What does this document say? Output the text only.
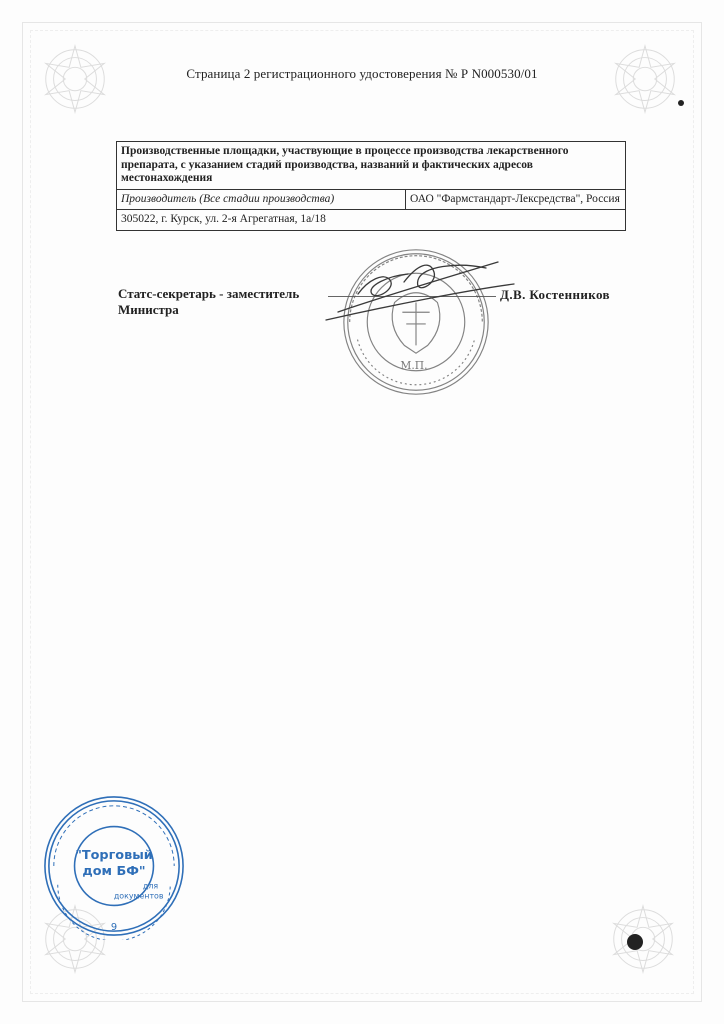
Страница 2 регистрационного удостоверения № Р N000530/01
Производственные площадки, участвующие в процессе производства лекарственного препарата, с указанием стадий производства, названий и фактических адресов местонахождения
Производитель (Все стадии производства)	ОАО "Фармстандарт-Лексредства", Россия
305022, г. Курск, ул. 2-я Агрегатная, 1а/18
Статс-секретарь - заместитель
Министра
Д.В. Костенников
М.П.
"Торговый
дом БФ"
для
документов
9
